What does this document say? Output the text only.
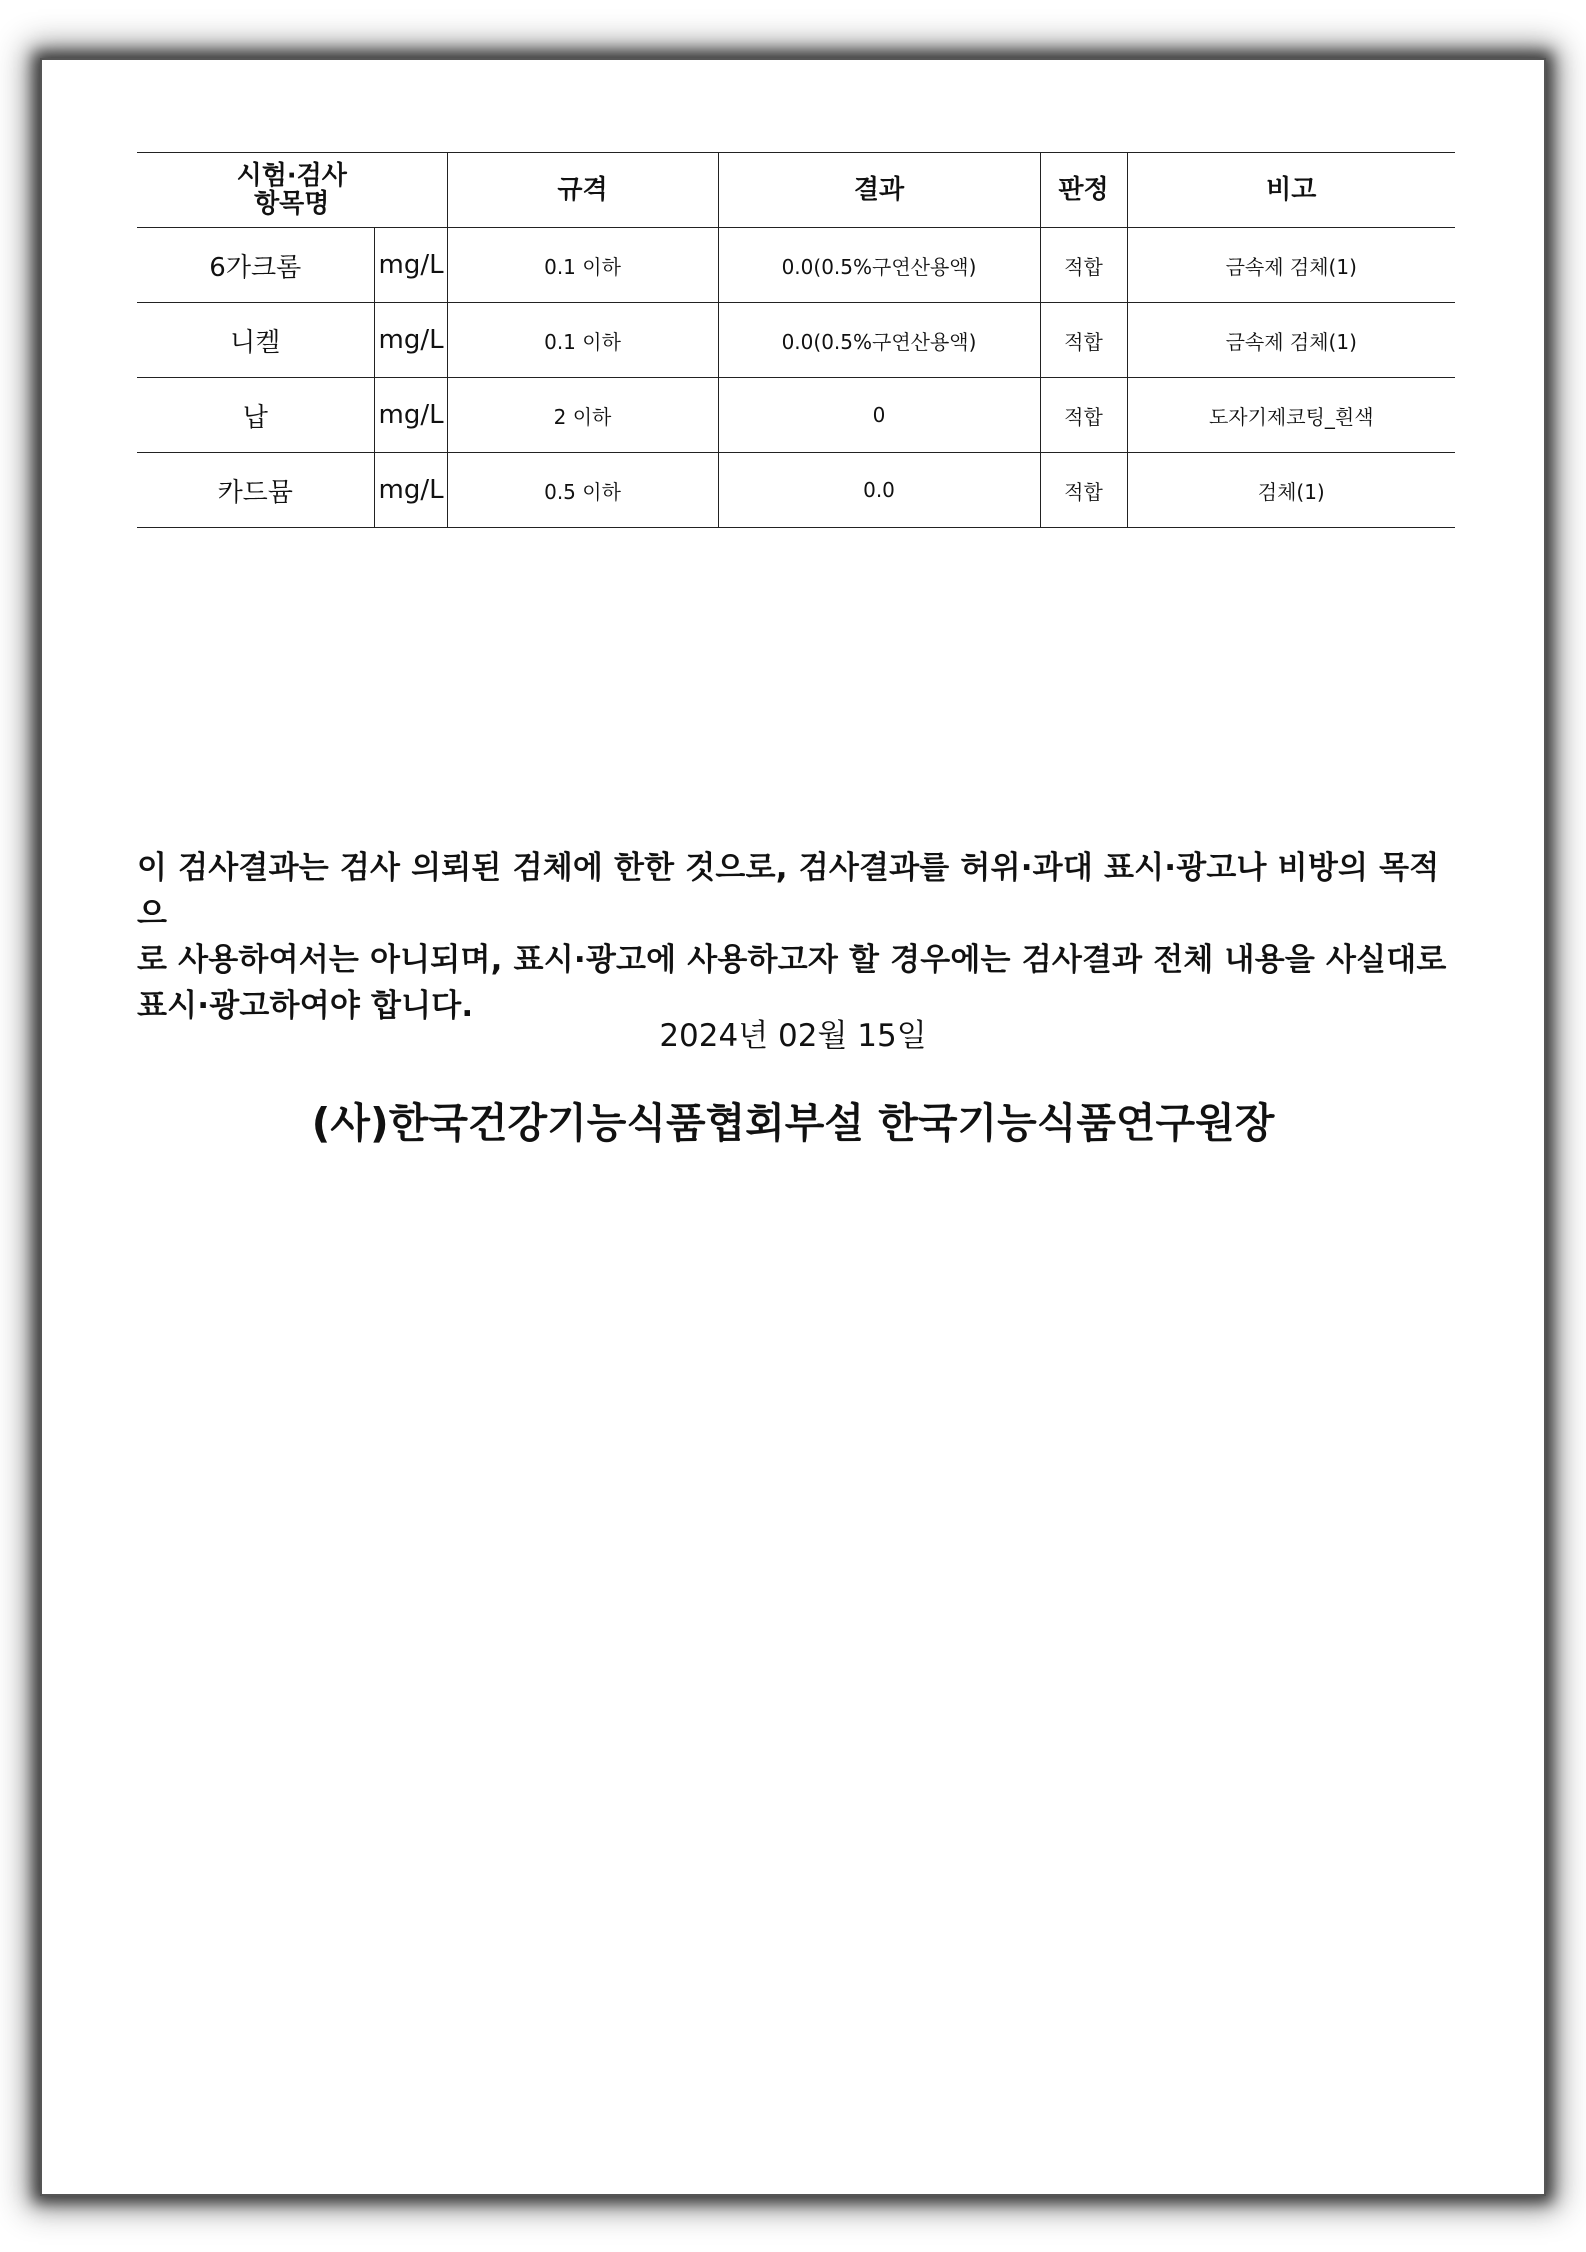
시험·검사
항목명		규격	결과	판정	비고
6가크롬	mg/L	0.1 이하	0.0(0.5%구연산용액)	적합	금속제 검체(1)
니켈	mg/L	0.1 이하	0.0(0.5%구연산용액)	적합	금속제 검체(1)
납	mg/L	2 이하	0	적합	도자기제코팅_흰색
카드뮴	mg/L	0.5 이하	0.0	적합	검체(1)
이 검사결과는 검사 의뢰된 검체에 한한 것으로, 검사결과를 허위·과대 표시·광고나 비방의 목적으
로 사용하여서는 아니되며, 표시·광고에 사용하고자 할 경우에는 검사결과 전체 내용을 사실대로
표시·광고하여야 합니다.
2024년 02월 15일
(사)한국건강기능식품협회부설 한국기능식품연구원장
